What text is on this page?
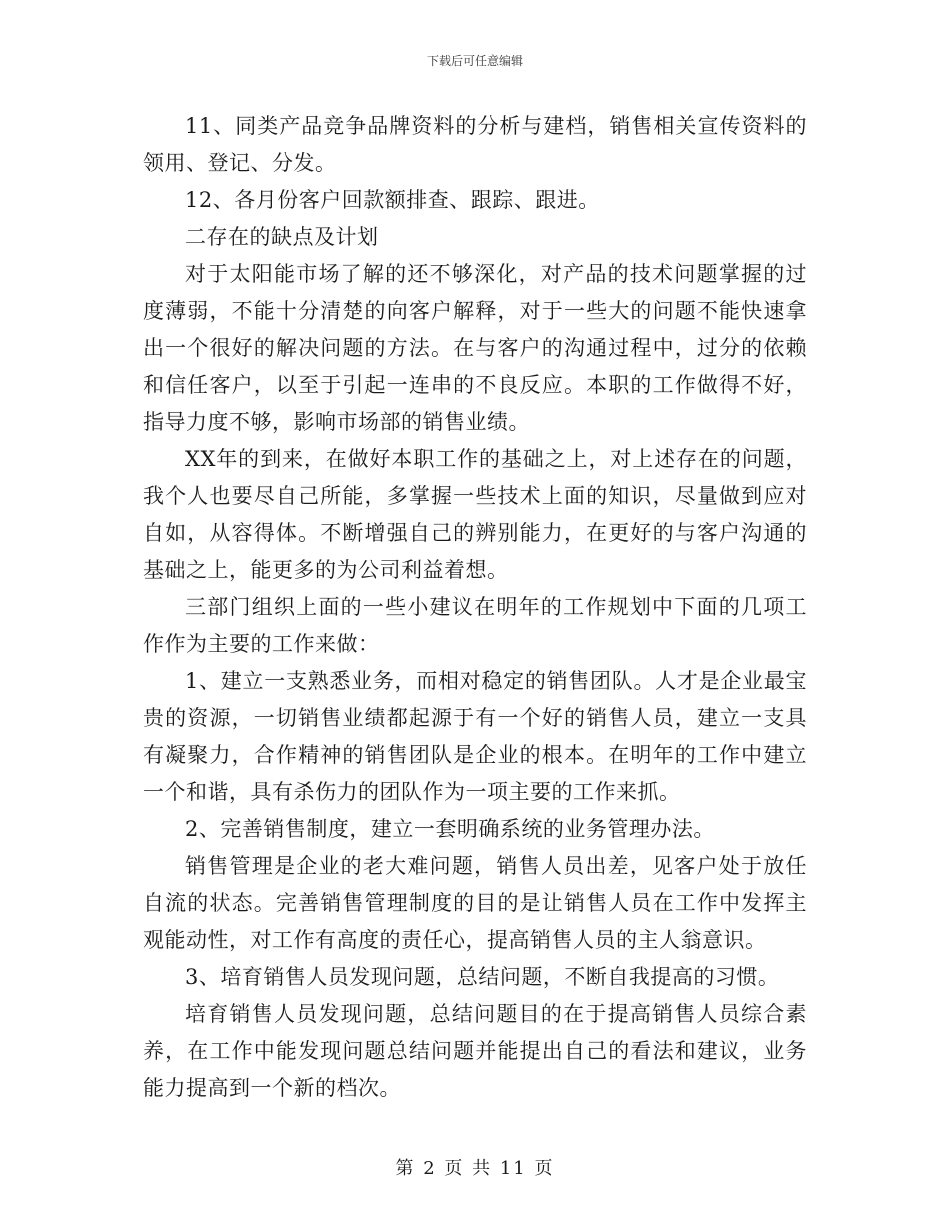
下载后可任意编辑

11、同类产品竞争品牌资料的分析与建档，销售相关宣传资料的领用、登记、分发。

12、各月份客户回款额排查、跟踪、跟进。

二存在的缺点及计划

对于太阳能市场了解的还不够深化，对产品的技术问题掌握的过度薄弱，不能十分清楚的向客户解释，对于一些大的问题不能快速拿出一个很好的解决问题的方法。在与客户的沟通过程中，过分的依赖和信任客户，以至于引起一连串的不良反应。本职的工作做得不好，指导力度不够，影响市场部的销售业绩。

XX年的到来，在做好本职工作的基础之上，对上述存在的问题，我个人也要尽自己所能，多掌握一些技术上面的知识，尽量做到应对自如，从容得体。不断增强自己的辨别能力，在更好的与客户沟通的基础之上，能更多的为公司利益着想。

三部门组织上面的一些小建议在明年的工作规划中下面的几项工作作为主要的工作来做：

1、建立一支熟悉业务，而相对稳定的销售团队。人才是企业最宝贵的资源，一切销售业绩都起源于有一个好的销售人员，建立一支具有凝聚力，合作精神的销售团队是企业的根本。在明年的工作中建立一个和谐，具有杀伤力的团队作为一项主要的工作来抓。

2、完善销售制度，建立一套明确系统的业务管理办法。

销售管理是企业的老大难问题，销售人员出差，见客户处于放任自流的状态。完善销售管理制度的目的是让销售人员在工作中发挥主观能动性，对工作有高度的责任心，提高销售人员的主人翁意识。

3、培育销售人员发现问题，总结问题，不断自我提高的习惯。

培育销售人员发现问题，总结问题目的在于提高销售人员综合素养，在工作中能发现问题总结问题并能提出自己的看法和建议，业务能力提高到一个新的档次。

第 2 页 共 11 页
